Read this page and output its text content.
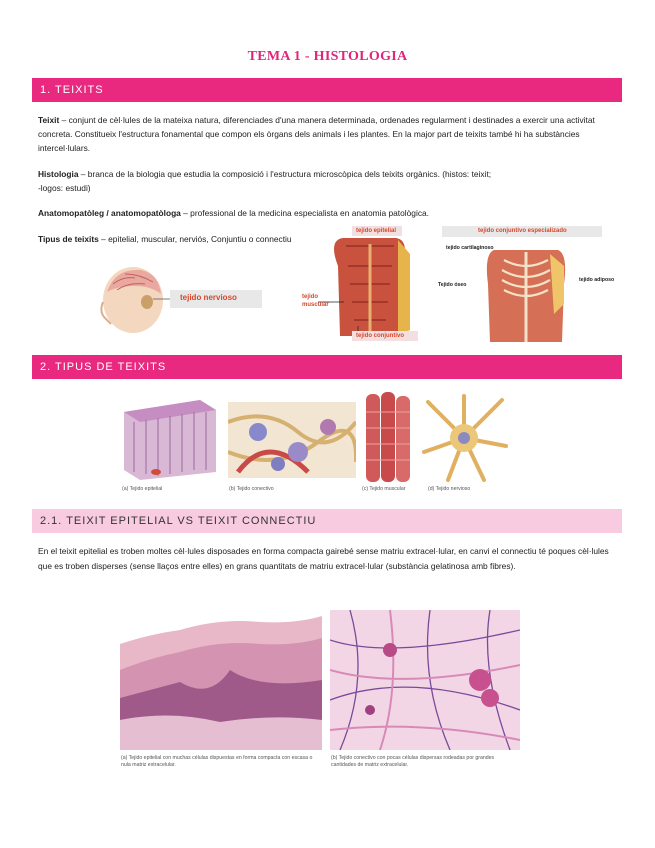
TEMA 1 - HISTOLOGIA
1. TEIXITS
Teixit – conjunt de cèl·lules de la mateixa natura, diferenciades d'una manera determinada, ordenades regularment i destinades a exercir una activitat concreta. Constitueix l'estructura fonamental que compon els òrgans dels animals i les plantes. En la major part de teixits també hi ha substàncies intercel·lulars.
Histologia – branca de la biologia que estudia la composició i l'estructura microscòpica dels teixits orgànics. (histos: teixit;
-logos: estudi)
Anatomopatòleg / anatomopatòloga – professional de la medicina especialista en anatomia patològica.
Tipus de teixits – epitelial, muscular, nerviós, Conjuntiu o connectiu
tejido nervioso
tejido epitelial
tejido
muscular
tejido conjuntivo
tejido conjuntivo especializado
tejido cartilaginoso
Tejido óseo
tejido adiposo
2. TIPUS DE TEIXITS
(a) Tejido epitelial	(b) Tejido conectivo	(c) Tejido muscular	(d) Tejido nervioso
2.1. TEIXIT EPITELIAL VS TEIXIT CONNECTIU
En el teixit epitelial es troben moltes cèl·lules disposades en forma compacta gairebé sense matriu extracel·lular, en canvi el connectiu té poques cèl·lules que es troben disperses (sense llaços entre elles) en grans quantitats de matriu extracel·lular (substància gelatinosa amb fibres).
(a) Tejido epitelial con muchas células dispuestas en forma compacta con escasa o nula matriz extracelular.
(b) Tejido conectivo con pocas células dispersas rodeadas por grandes cantidades de matriz extracelular.
